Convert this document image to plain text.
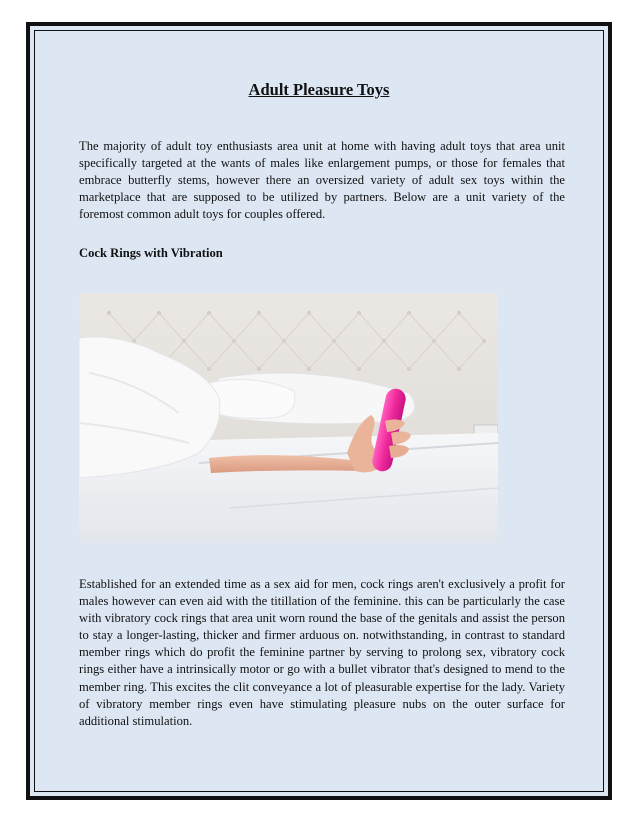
Adult Pleasure Toys

The majority of adult toy enthusiasts area unit at home with having adult toys that area unit specifically targeted at the wants of males like enlargement pumps, or those for females that embrace butterfly stems, however there an oversized variety of adult sex toys within the marketplace that are supposed to be utilized by partners. Below are a unit variety of the foremost common adult toys for couples offered.

Cock Rings with Vibration

Established for an extended time as a sex aid for men, cock rings aren't exclusively a profit for males however can even aid with the titillation of the feminine. this can be particularly the case with vibratory cock rings that area unit worn round the base of the genitals and assist the person to stay a longer-lasting, thicker and firmer arduous on. notwithstanding, in contrast to standard member rings which do profit the feminine partner by serving to prolong sex, vibratory cock rings either have a intrinsically motor or go with a bullet vibrator that's designed to mend to the member ring. This excites the clit conveyance a lot of pleasurable expertise for the lady. Variety of vibratory member rings even have stimulating pleasure nubs on the outer surface for additional stimulation.
